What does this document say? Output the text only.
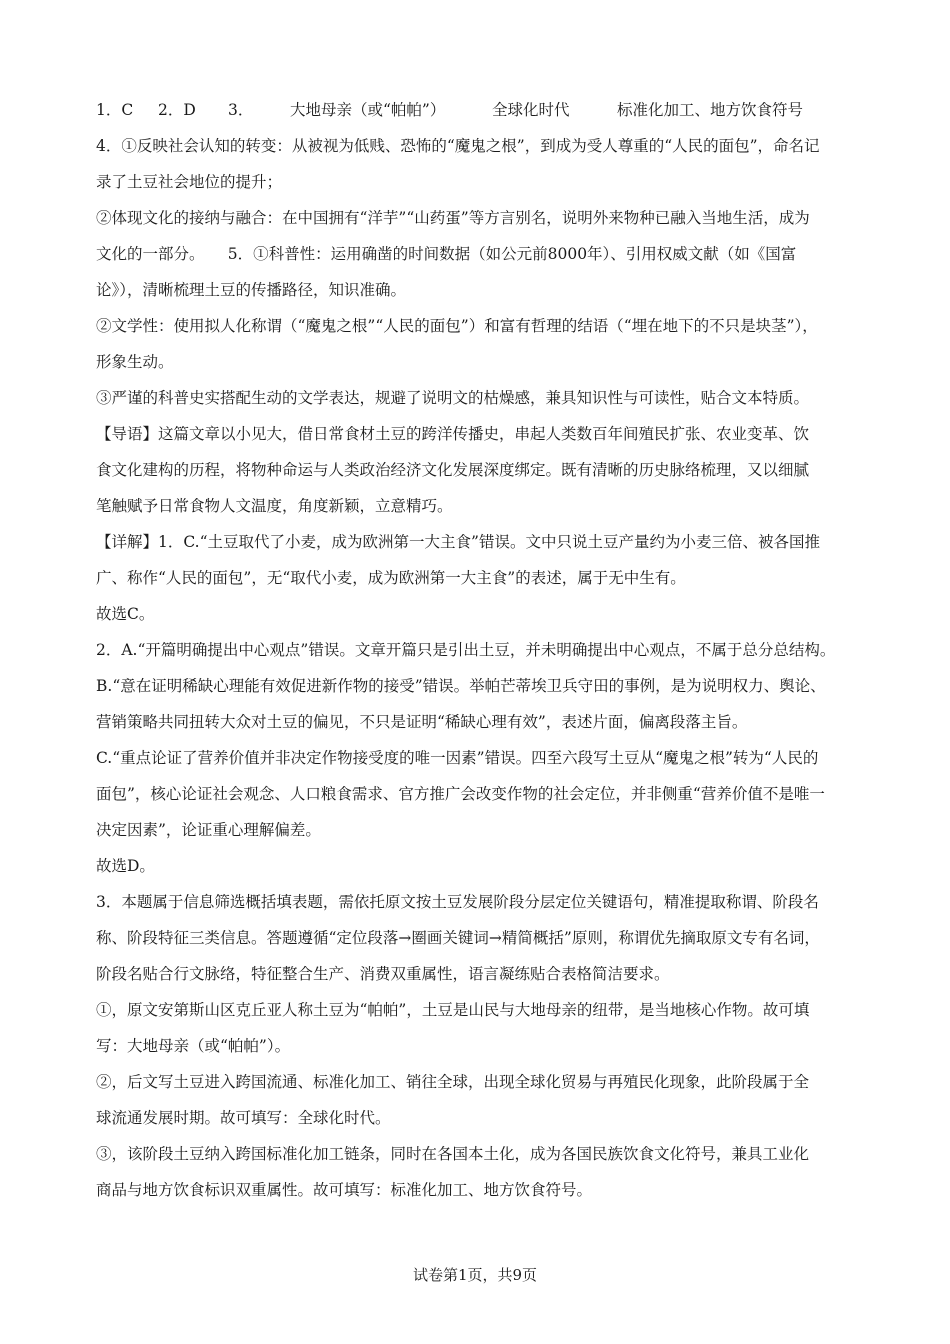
1．C 2．D 3． 大地母亲（或“帕帕”）	全球化时代	标准化加工、地方饮食符号
4．①反映社会认知的转变：从被视为低贱、恐怖的“魔鬼之根”，到成为受人尊重的“人民的面包”，命名记
录了土豆社会地位的提升；
②体现文化的接纳与融合：在中国拥有“洋芋”“山药蛋”等方言别名，说明外来物种已融入当地生活，成为
文化的一部分。　　5．①科普性：运用确凿的时间数据（如公元前8000年）、引用权威文献（如《国富
论》），清晰梳理土豆的传播路径，知识准确。
②文学性：使用拟人化称谓（“魔鬼之根”“人民的面包”）和富有哲理的结语（“埋在地下的不只是块茎”），
形象生动。
③严谨的科普史实搭配生动的文学表达，规避了说明文的枯燥感，兼具知识性与可读性，贴合文本特质。
【导语】这篇文章以小见大，借日常食材土豆的跨洋传播史，串起人类数百年间殖民扩张、农业变革、饮
食文化建构的历程，将物种命运与人类政治经济文化发展深度绑定。既有清晰的历史脉络梳理，又以细腻
笔触赋予日常食物人文温度，角度新颖，立意精巧。
【详解】1．C.“土豆取代了小麦，成为欧洲第一大主食”错误。文中只说土豆产量约为小麦三倍、被各国推
广、称作“人民的面包”，无“取代小麦，成为欧洲第一大主食”的表述，属于无中生有。
故选C。
2．A.“开篇明确提出中心观点”错误。文章开篇只是引出土豆，并未明确提出中心观点，不属于总分总结构。
B.“意在证明稀缺心理能有效促进新作物的接受”错误。举帕芒蒂埃卫兵守田的事例，是为说明权力、舆论、
营销策略共同扭转大众对土豆的偏见，不只是证明“稀缺心理有效”，表述片面，偏离段落主旨。
C.“重点论证了营养价值并非决定作物接受度的唯一因素”错误。四至六段写土豆从“魔鬼之根”转为“人民的
面包”，核心论证社会观念、人口粮食需求、官方推广会改变作物的社会定位，并非侧重“营养价值不是唯一
决定因素”，论证重心理解偏差。
故选D。
3．本题属于信息筛选概括填表题，需依托原文按土豆发展阶段分层定位关键语句，精准提取称谓、阶段名
称、阶段特征三类信息。答题遵循“定位段落→圈画关键词→精简概括”原则，称谓优先摘取原文专有名词，
阶段名贴合行文脉络，特征整合生产、消费双重属性，语言凝练贴合表格简洁要求。
①，原文安第斯山区克丘亚人称土豆为“帕帕”，土豆是山民与大地母亲的纽带，是当地核心作物。故可填
写：大地母亲（或“帕帕”）。
②，后文写土豆进入跨国流通、标准化加工、销往全球，出现全球化贸易与再殖民化现象，此阶段属于全
球流通发展时期。故可填写：全球化时代。
③，该阶段土豆纳入跨国标准化加工链条，同时在各国本土化，成为各国民族饮食文化符号，兼具工业化
商品与地方饮食标识双重属性。故可填写：标准化加工、地方饮食符号。
试卷第1页，共9页
